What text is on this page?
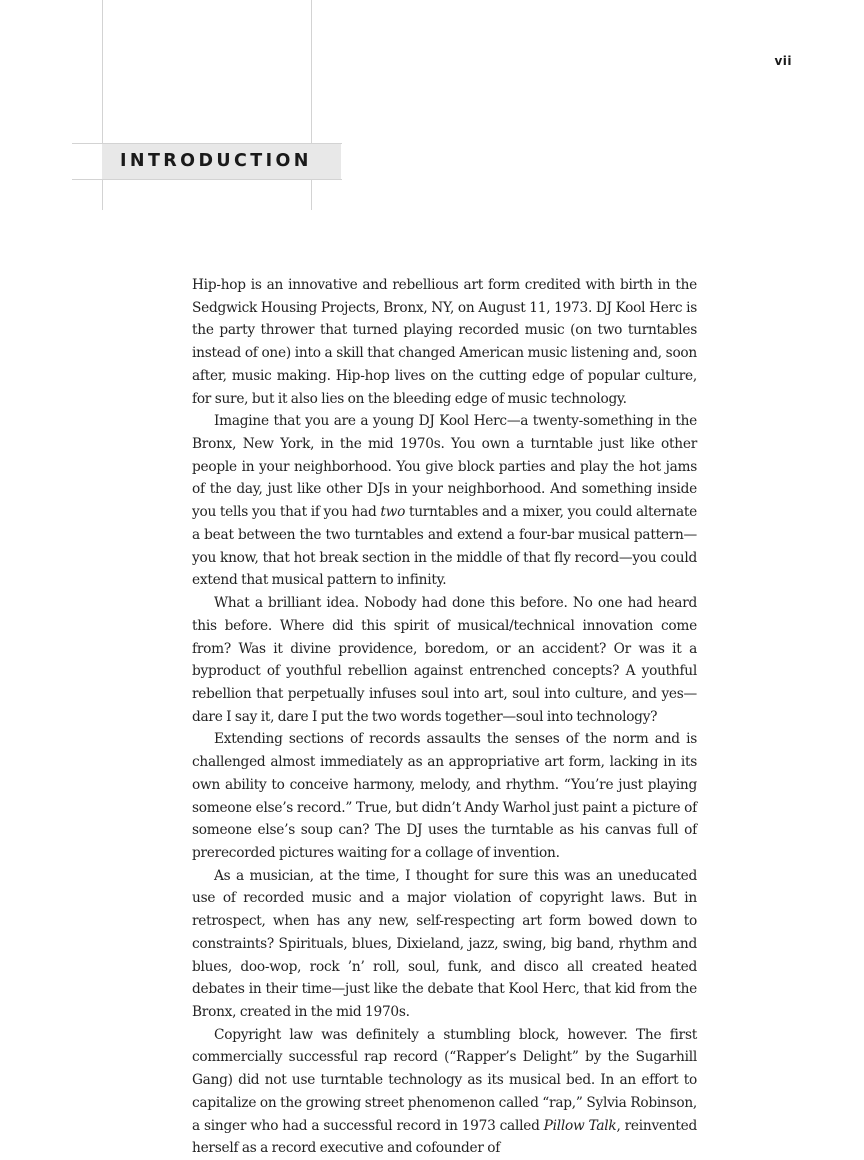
vii
INTRODUCTION

Hip-hop is an innovative and rebellious art form credited with birth in the Sedgwick Housing Projects, Bronx, NY, on August 11, 1973. DJ Kool Herc is the party thrower that turned playing recorded music (on two turntables instead of one) into a skill that changed American music listening and, soon after, music making. Hip-hop lives on the cutting edge of popular culture, for sure, but it also lies on the bleeding edge of music technology.

Imagine that you are a young DJ Kool Herc—a twenty-something in the Bronx, New York, in the mid 1970s. You own a turntable just like other people in your neighborhood. You give block parties and play the hot jams of the day, just like other DJs in your neighborhood. And something inside you tells you that if you had two turntables and a mixer, you could alternate a beat between the two turntables and extend a four-bar musical pattern—you know, that hot break section in the middle of that fly record—you could extend that musical pattern to infinity.

What a brilliant idea. Nobody had done this before. No one had heard this before. Where did this spirit of musical/technical innovation come from? Was it divine providence, boredom, or an accident? Or was it a byproduct of youthful rebellion against entrenched concepts? A youthful rebellion that perpetually infuses soul into art, soul into culture, and yes—dare I say it, dare I put the two words together—soul into technology?

Extending sections of records assaults the senses of the norm and is challenged almost immediately as an appropriative art form, lacking in its own ability to conceive harmony, melody, and rhythm. “You’re just playing someone else’s record.” True, but didn’t Andy Warhol just paint a picture of someone else’s soup can? The DJ uses the turntable as his canvas full of prerecorded pictures waiting for a collage of invention.

As a musician, at the time, I thought for sure this was an uneducated use of recorded music and a major violation of copyright laws. But in retrospect, when has any new, self-respecting art form bowed down to constraints? Spirituals, blues, Dixieland, jazz, swing, big band, rhythm and blues, doo-wop, rock ’n’ roll, soul, funk, and disco all created heated debates in their time—just like the debate that Kool Herc, that kid from the Bronx, created in the mid 1970s.

Copyright law was definitely a stumbling block, however. The first commercially successful rap record (“Rapper’s Delight” by the Sugarhill Gang) did not use turntable technology as its musical bed. In an effort to capitalize on the growing street phenomenon called “rap,” Sylvia Robinson, a singer who had a successful record in 1973 called Pillow Talk, reinvented herself as a record executive and cofounder of
